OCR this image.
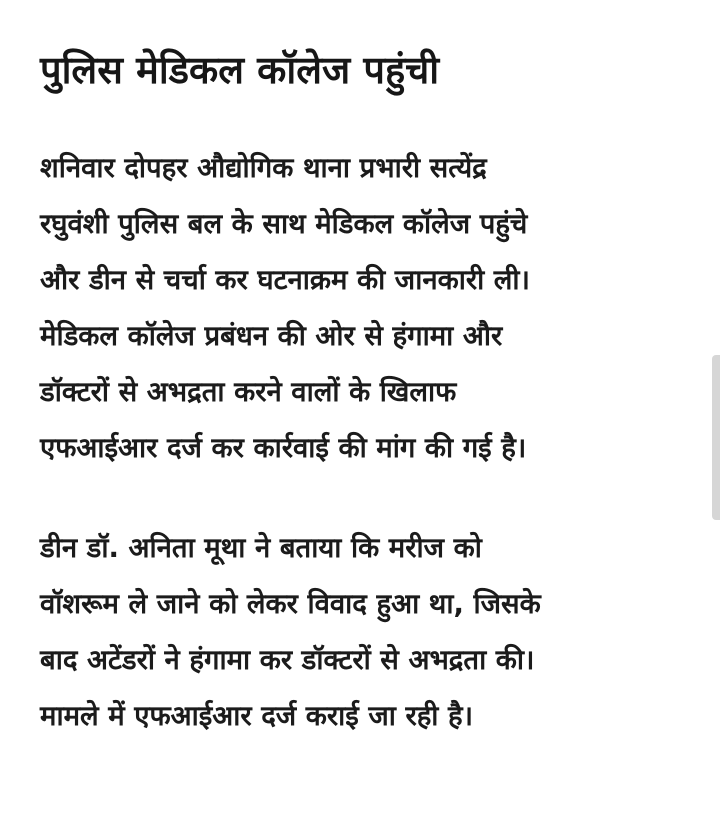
पुलिस मेडिकल कॉलेज पहुंची

शनिवार दोपहर औद्योगिक थाना प्रभारी सत्येंद्र
रघुवंशी पुलिस बल के साथ मेडिकल कॉलेज पहुंचे
और डीन से चर्चा कर घटनाक्रम की जानकारी ली।
मेडिकल कॉलेज प्रबंधन की ओर से हंगामा और
डॉक्टरों से अभद्रता करने वालों के खिलाफ
एफआईआर दर्ज कर कार्रवाई की मांग की गई है।

डीन डॉ. अनिता मूथा ने बताया कि मरीज को
वॉशरूम ले जाने को लेकर विवाद हुआ था, जिसके
बाद अटेंडरों ने हंगामा कर डॉक्टरों से अभद्रता की।
मामले में एफआईआर दर्ज कराई जा रही है।
